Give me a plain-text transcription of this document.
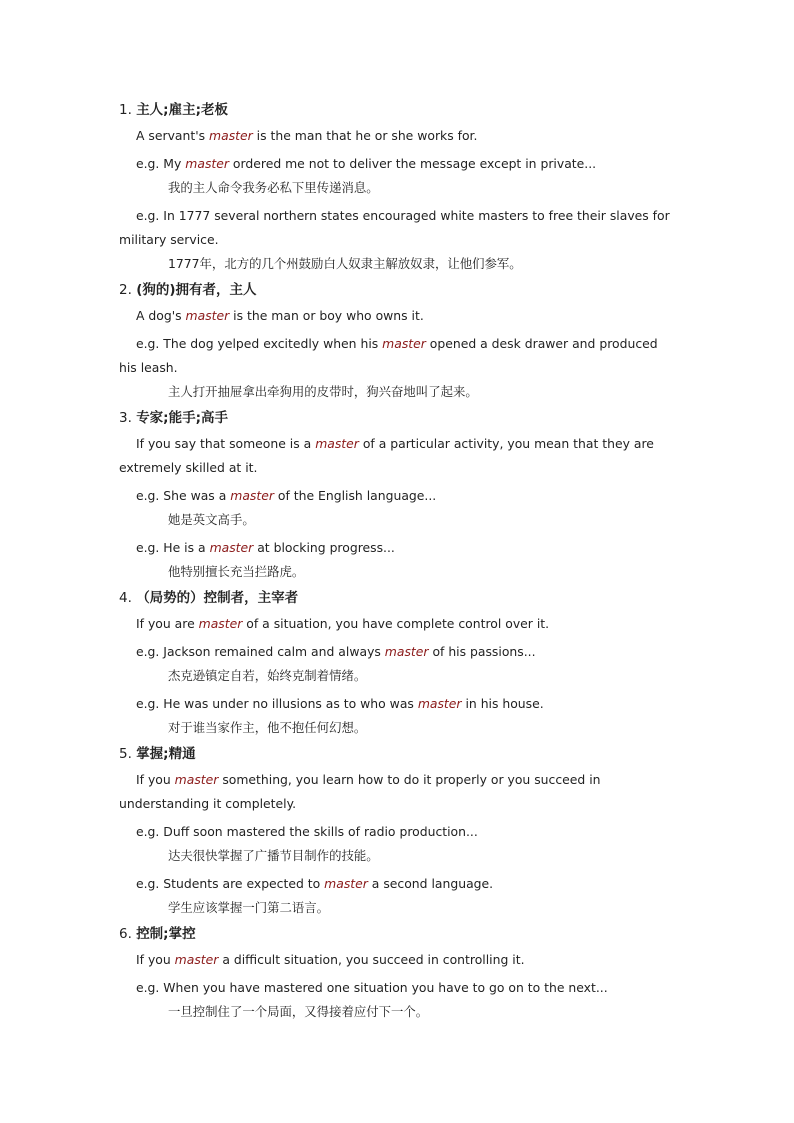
1. 主人;雇主;老板

A servant's master is the man that he or she works for.

e.g. My master ordered me not to deliver the message except in private...

我的主人命令我务必私下里传递消息。

e.g. In 1777 several northern states encouraged white masters to free their slaves for military service.

1777年，北方的几个州鼓励白人奴隶主解放奴隶，让他们参军。

2. (狗的)拥有者，主人

A dog's master is the man or boy who owns it.

e.g. The dog yelped excitedly when his master opened a desk drawer and produced his leash.

主人打开抽屉拿出牵狗用的皮带时，狗兴奋地叫了起来。

3. 专家;能手;高手

If you say that someone is a master of a particular activity, you mean that they are extremely skilled at it.

e.g. She was a master of the English language...

她是英文高手。

e.g. He is a master at blocking progress...

他特别擅长充当拦路虎。

4. （局势的）控制者，主宰者

If you are master of a situation, you have complete control over it.

e.g. Jackson remained calm and always master of his passions...

杰克逊镇定自若，始终克制着情绪。

e.g. He was under no illusions as to who was master in his house.

对于谁当家作主，他不抱任何幻想。

5. 掌握;精通

If you master something, you learn how to do it properly or you succeed in understanding it completely.

e.g. Duff soon mastered the skills of radio production...

达夫很快掌握了广播节目制作的技能。

e.g. Students are expected to master a second language.

学生应该掌握一门第二语言。

6. 控制;掌控

If you master a difficult situation, you succeed in controlling it.

e.g. When you have mastered one situation you have to go on to the next...

一旦控制住了一个局面，又得接着应付下一个。
